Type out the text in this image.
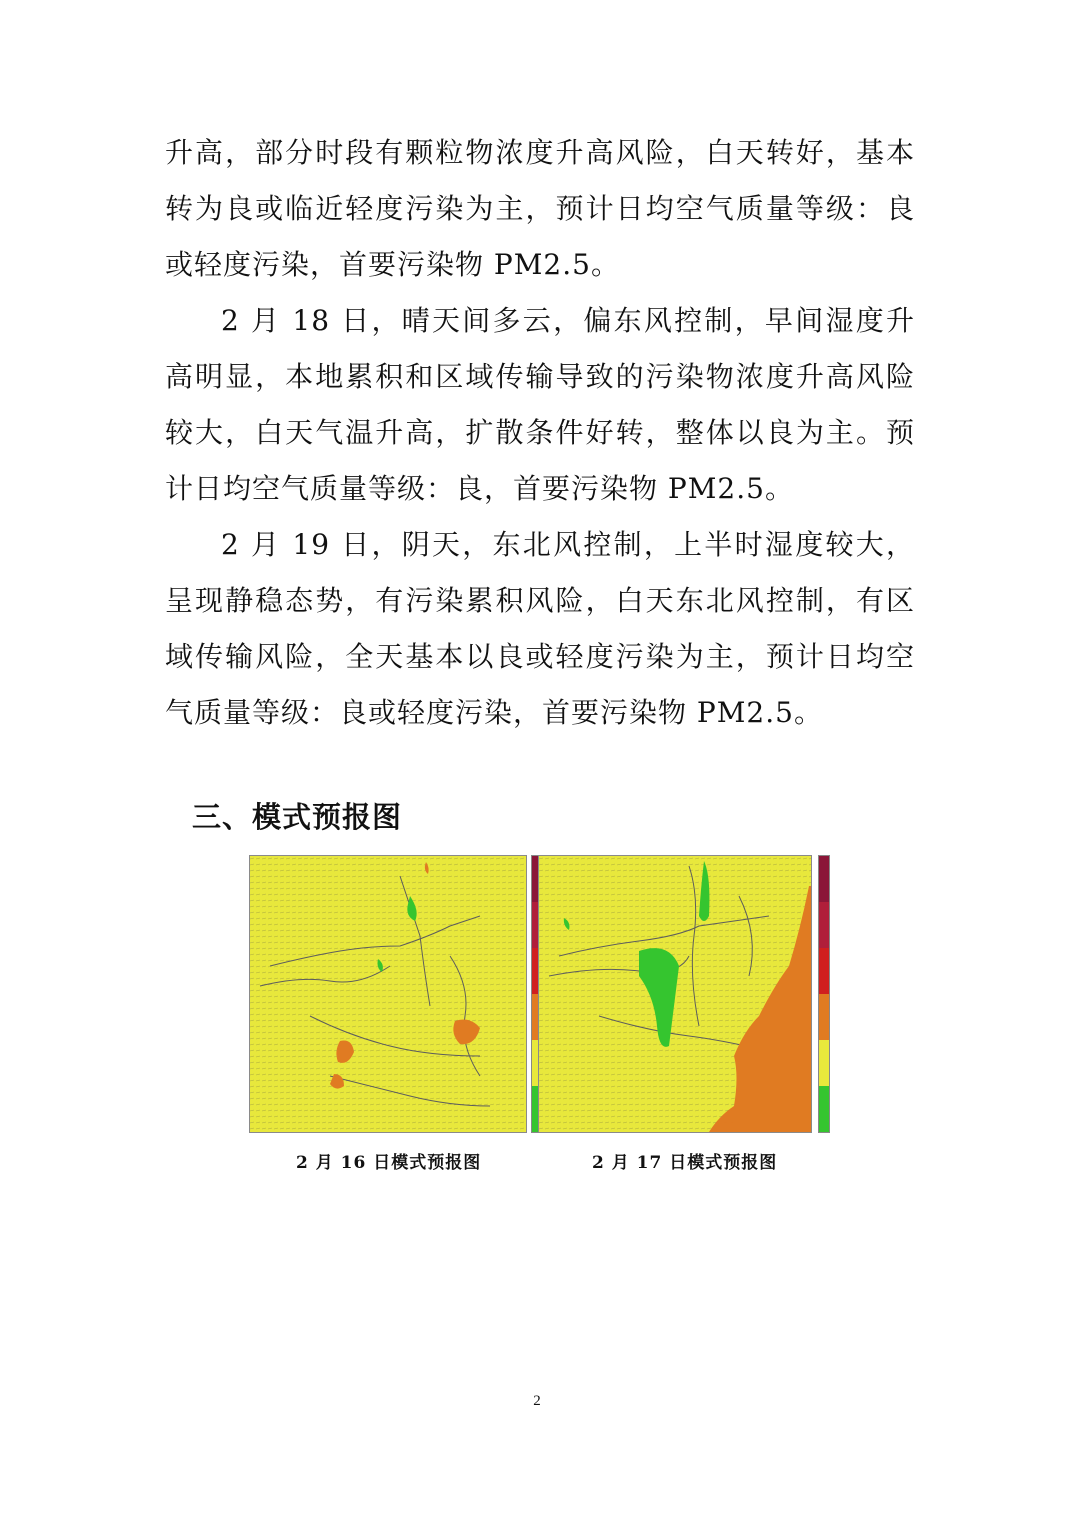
升高，部分时段有颗粒物浓度升高风险，白天转好，基本转为良或临近轻度污染为主，预计日均空气质量等级：良或轻度污染，首要污染物 PM2.5。

2 月 18 日，晴天间多云，偏东风控制，早间湿度升高明显，本地累积和区域传输导致的污染物浓度升高风险较大，白天气温升高，扩散条件好转，整体以良为主。预计日均空气质量等级：良，首要污染物 PM2.5。

2 月 19 日，阴天，东北风控制，上半时湿度较大，呈现静稳态势，有污染累积风险，白天东北风控制，有区域传输风险，全天基本以良或轻度污染为主，预计日均空气质量等级：良或轻度污染，首要污染物 PM2.5。

三、模式预报图
2 月 16 日模式预报图	2 月 17 日模式预报图
2
